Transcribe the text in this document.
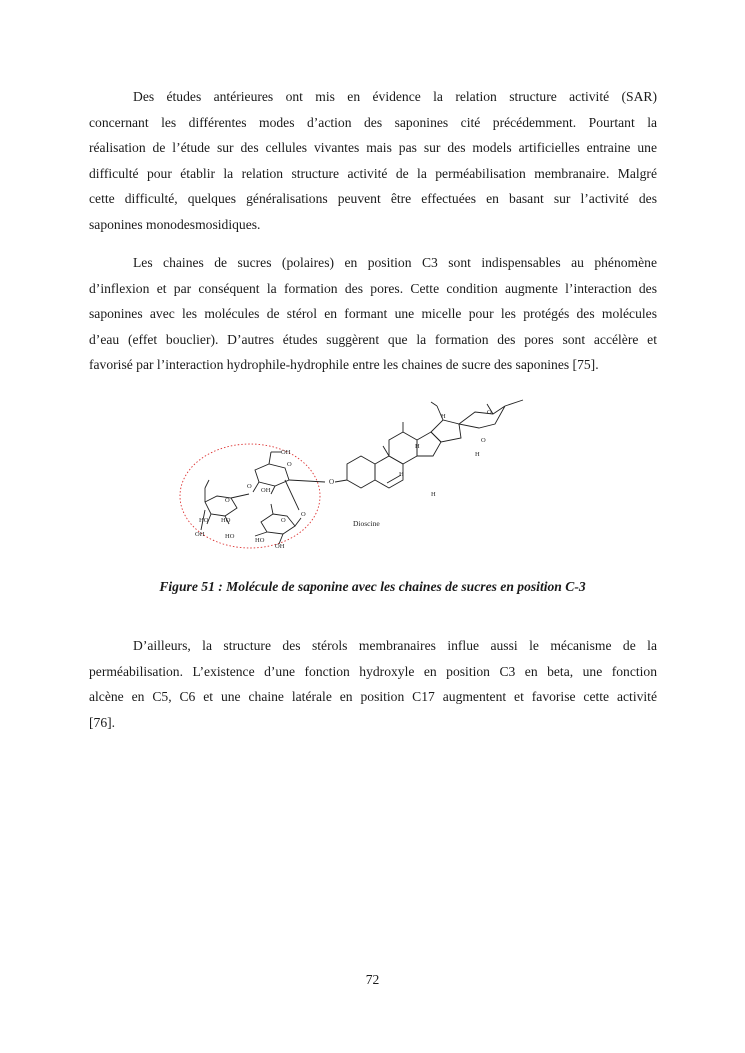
Des études antérieures ont mis en évidence la relation structure activité (SAR)
concernant les différentes modes d’action des saponines cité précédemment. Pourtant la
réalisation de l’étude sur des cellules vivantes mais pas sur des models artificielles entraine une
difficulté pour établir la relation structure activité de la perméabilisation membranaire. Malgré
cette difficulté, quelques généralisations peuvent être effectuées en basant sur l’activité des
saponines monodesmosidiques.
Les chaines de sucres (polaires) en position C3 sont indispensables au phénomène
d’inflexion et par conséquent la formation des pores. Cette condition augmente l’interaction des
saponines avec les molécules de stérol en formant une micelle pour les protégés des molécules
d’eau (effet bouclier). D’autres études suggèrent que la formation des pores sont accélère et
favorisé par l’interaction hydrophile-hydrophile entre les chaines de sucre des saponines [75].
O
OH
OH
O
O
O
HO HO
OH
O
O
HO
HO
OH
H
H
H
H
H
O
O
Dioscine
Figure 51 : Molécule de saponine avec les chaines de sucres en position C-3
D’ailleurs, la structure des stérols membranaires influe aussi le mécanisme de la
perméabilisation. L’existence d’une fonction hydroxyle en position C3 en beta, une fonction
alcène en C5, C6 et une chaine latérale en position C17 augmentent et favorise cette activité
[76].
72
